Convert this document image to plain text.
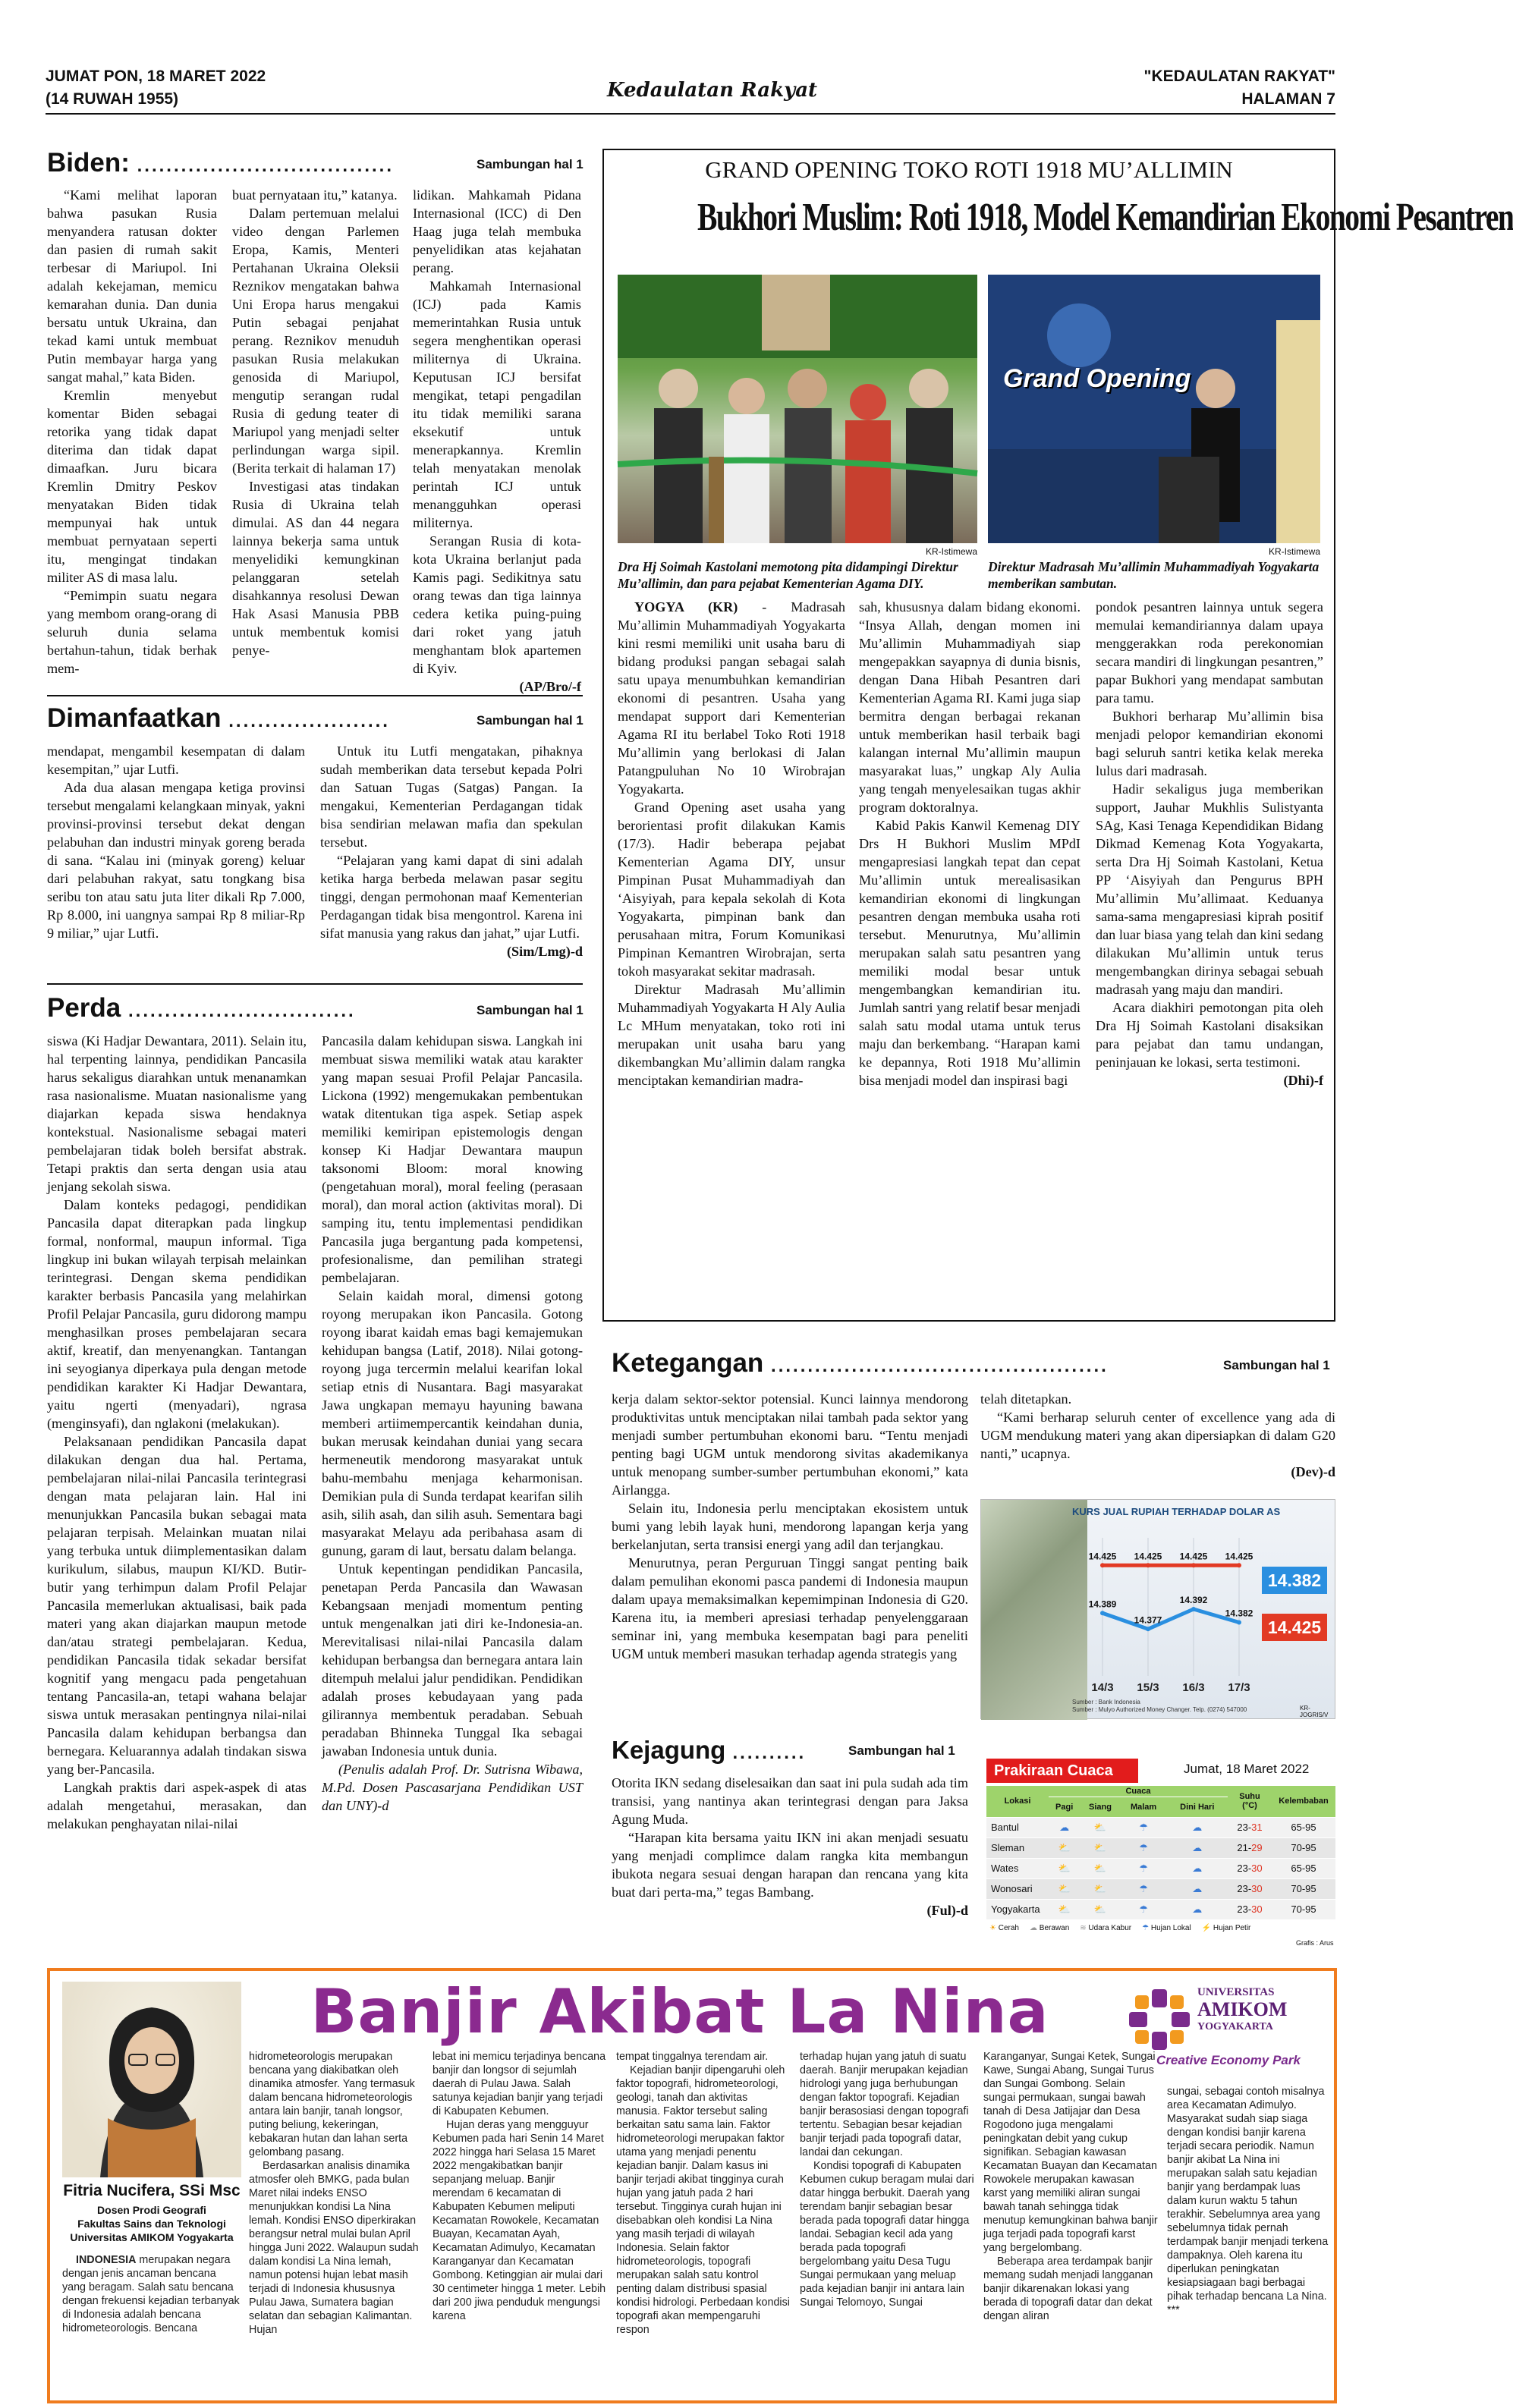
JUMAT PON, 18 MARET 2022
(14 RUWAH 1955)	Kedaulatan Rakyat
"KEDAULATAN RAKYAT"
HALAMAN 7
Biden: ...................................	Sambungan hal 1

“Kami melihat laporan bahwa pasukan Rusia menyandera ratusan dokter dan pasien di rumah sakit terbesar di Mariupol. Ini adalah kekejaman, memicu kemarahan dunia. Dan dunia bersatu untuk Ukraina, dan tekad kami untuk membuat Putin membayar harga yang sangat mahal,” kata Biden.

Kremlin menyebut komentar Biden sebagai retorika yang tidak dapat diterima dan tidak dapat dimaafkan. Juru bicara Kremlin Dmitry Peskov menyatakan Biden tidak mempunyai hak untuk membuat pernyataan seperti itu, mengingat tindakan militer AS di masa lalu.

“Pemimpin suatu negara yang membom orang-orang di seluruh dunia selama bertahun-tahun, tidak berhak mem-

buat pernyataan itu,” katanya.

Dalam pertemuan melalui video dengan Parlemen Eropa, Kamis, Menteri Pertahanan Ukraina Oleksii Reznikov mengatakan bahwa Uni Eropa harus mengakui Putin sebagai penjahat perang. Reznikov menuduh pasukan Rusia melakukan genosida di Mariupol, mengutip serangan rudal Rusia di gedung teater di Mariupol yang menjadi selter perlindungan warga sipil. (Berita terkait di halaman 17)

Investigasi atas tindakan Rusia di Ukraina telah dimulai. AS dan 44 negara lainnya bekerja sama untuk menyelidiki kemungkinan pelanggaran setelah disahkannya resolusi Dewan Hak Asasi Manusia PBB untuk membentuk komisi penye-

lidikan. Mahkamah Pidana Internasional (ICC) di Den Haag juga telah membuka penyelidikan atas kejahatan perang.

Mahkamah Internasional (ICJ) pada Kamis memerintahkan Rusia untuk segera menghentikan operasi militernya di Ukraina. Keputusan ICJ bersifat mengikat, tetapi pengadilan itu tidak memiliki sarana eksekutif untuk menerapkannya. Kremlin telah menyatakan menolak perintah ICJ untuk menangguhkan operasi militernya.

Serangan Rusia di kota-kota Ukraina berlanjut pada Kamis pagi. Sedikitnya satu orang tewas dan tiga lainnya cedera ketika puing-puing dari roket yang jatuh menghantam blok apartemen di Kyiv.

(AP/Bro/-f

Dimanfaatkan ......................	Sambungan hal 1

mendapat, mengambil kesempatan di dalam kesempitan,” ujar Lutfi.

Ada dua alasan mengapa ketiga provinsi tersebut mengalami kelangkaan minyak, yakni provinsi-provinsi tersebut dekat dengan pelabuhan dan industri minyak goreng berada di sana. “Kalau ini (minyak goreng) keluar dari pelabuhan rakyat, satu tongkang bisa seribu ton atau satu juta liter dikali Rp 7.000, Rp 8.000, ini uangnya sampai Rp 8 miliar-Rp 9 miliar,” ujar Lutfi.

Untuk itu Lutfi mengatakan, pihaknya sudah memberikan data tersebut kepada Polri dan Satuan Tugas (Satgas) Pangan. Ia mengakui, Kementerian Perdagangan tidak bisa sendirian melawan mafia dan spekulan tersebut.

“Pelajaran yang kami dapat di sini adalah ketika harga berbeda melawan pasar segitu tinggi, dengan permohonan maaf Kementerian Perdagangan tidak bisa mengontrol. Karena ini sifat manusia yang rakus dan jahat,” ujar Lutfi.

(Sim/Lmg)-d

Perda ...............................	Sambungan hal 1

siswa (Ki Hadjar Dewantara, 2011). Selain itu, hal terpenting lainnya, pendidikan Pancasila harus sekaligus diarahkan untuk menanamkan rasa nasionalisme. Muatan nasionalisme yang diajarkan kepada siswa hendaknya kontekstual. Nasionalisme sebagai materi pembelajaran tidak boleh bersifat abstrak. Tetapi praktis dan serta dengan usia atau jenjang sekolah siswa.

Dalam konteks pedagogi, pendidikan Pancasila dapat diterapkan pada lingkup formal, nonformal, maupun informal. Tiga lingkup ini bukan wilayah terpisah melainkan terintegrasi. Dengan skema pendidikan karakter berbasis Pancasila yang melahirkan Profil Pelajar Pancasila, guru didorong mampu menghasilkan proses pembelajaran secara aktif, kreatif, dan menyenangkan. Tantangan ini seyogianya diperkaya pula dengan metode pendidikan karakter Ki Hadjar Dewantara, yaitu ngerti (menyadari), ngrasa (menginsyafi), dan nglakoni (melakukan).

Pelaksanaan pendidikan Pancasila dapat dilakukan dengan dua hal. Pertama, pembelajaran nilai-nilai Pancasila terintegrasi dengan mata pelajaran lain. Hal ini menunjukkan Pancasila bukan sebagai mata pelajaran terpisah. Melainkan muatan nilai yang terbuka untuk diimplementasikan dalam kurikulum, silabus, maupun KI/KD. Butir-butir yang terhimpun dalam Profil Pelajar Pancasila memerlukan aktualisasi, baik pada materi yang akan diajarkan maupun metode dan/atau strategi pembelajaran. Kedua, pendidikan Pancasila tidak sekadar bersifat kognitif yang mengacu pada pengetahuan tentang Pancasila-an, tetapi wahana belajar siswa untuk merasakan pentingnya nilai-nilai Pancasila dalam kehidupan berbangsa dan bernegara. Keluarannya adalah tindakan siswa yang ber-Pancasila.

Langkah praktis dari aspek-aspek di atas adalah mengetahui, merasakan, dan melakukan penghayatan nilai-nilai

Pancasila dalam kehidupan siswa. Langkah ini membuat siswa memiliki watak atau karakter yang mapan sesuai Profil Pelajar Pancasila. Lickona (1992) mengemukakan pembentukan watak ditentukan tiga aspek. Setiap aspek memiliki kemiripan epistemologis dengan konsep Ki Hadjar Dewantara maupun taksonomi Bloom: moral knowing (pengetahuan moral), moral feeling (perasaan moral), dan moral action (aktivitas moral). Di samping itu, tentu implementasi pendidikan Pancasila juga bergantung pada kompetensi, profesionalisme, dan pemilihan strategi pembelajaran.

Selain kaidah moral, dimensi gotong royong merupakan ikon Pancasila. Gotong royong ibarat kaidah emas bagi kemajemukan kehidupan bangsa (Latif, 2018). Nilai gotong-royong juga tercermin melalui kearifan lokal setiap etnis di Nusantara. Bagi masyarakat Jawa ungkapan memayu hayuning bawana memberi artiimempercantik keindahan dunia, bukan merusak keindahan duniai yang secara hermeneutik mendorong masyarakat untuk bahu-membahu menjaga keharmonisan. Demikian pula di Sunda terdapat kearifan silih asih, silih asah, dan silih asuh. Sementara bagi masyarakat Melayu ada peribahasa asam di gunung, garam di laut, bersatu dalam belanga.

Untuk kepentingan pendidikan Pancasila, penetapan Perda Pancasila dan Wawasan Kebangsaan menjadi momentum penting untuk mengenalkan jati diri ke-Indonesia-an. Merevitalisasi nilai-nilai Pancasila dalam kehidupan berbangsa dan bernegara antara lain ditempuh melalui jalur pendidikan. Pendidikan adalah proses kebudayaan yang pada gilirannya membentuk peradaban. Sebuah peradaban Bhinneka Tunggal Ika sebagai jawaban Indonesia untuk dunia.

(Penulis adalah Prof. Dr. Sutrisna Wibawa, M.Pd. Dosen Pascasarjana Pendidikan UST dan UNY)-d

GRAND OPENING TOKO ROTI 1918 MU’ALLIMIN
Bukhori Muslim: Roti 1918, Model Kemandirian Ekonomi Pesantren
KR-Istimewa
Dra Hj Soimah Kastolani memotong pita didampingi Direktur Mu’allimin, dan para pejabat Kementerian Agama DIY.
Grand Opening
KR-Istimewa
Direktur Madrasah Mu’allimin Muhammadiyah Yogyakarta memberikan sambutan.

YOGYA (KR) - Madrasah Mu’allimin Muhammadiyah Yogyakarta kini resmi memiliki unit usaha baru di bidang produksi pangan sebagai salah satu upaya menumbuhkan kemandirian ekonomi di pesantren. Usaha yang mendapat support dari Kementerian Agama RI itu berlabel Toko Roti 1918 Mu’allimin yang berlokasi di Jalan Patangpuluhan No 10 Wirobrajan Yogyakarta.

Grand Opening aset usaha yang berorientasi profit dilakukan Kamis (17/3). Hadir beberapa pejabat Kementerian Agama DIY, unsur Pimpinan Pusat Muhammadiyah dan ‘Aisyiyah, para kepala sekolah di Kota Yogyakarta, pimpinan bank dan perusahaan mitra, Forum Komunikasi Pimpinan Kemantren Wirobrajan, serta tokoh masyarakat sekitar madrasah.

Direktur Madrasah Mu’allimin Muhammadiyah Yogyakarta H Aly Aulia Lc MHum menyatakan, toko roti ini merupakan unit usaha baru yang dikembangkan Mu’allimin dalam rangka menciptakan kemandirian madra-

sah, khususnya dalam bidang ekonomi. “Insya Allah, dengan momen ini Mu’allimin Muhammadiyah siap mengepakkan sayapnya di dunia bisnis, dengan Dana Hibah Pesantren dari Kementerian Agama RI. Kami juga siap bermitra dengan berbagai rekanan untuk memberikan hasil terbaik bagi kalangan internal Mu’allimin maupun masyarakat luas,” ungkap Aly Aulia yang tengah menyelesaikan tugas akhir program doktoralnya.

Kabid Pakis Kanwil Kemenag DIY Drs H Bukhori Muslim MPdI mengapresiasi langkah tepat dan cepat Mu’allimin untuk merealisasikan kemandirian ekonomi di lingkungan pesantren dengan membuka usaha roti tersebut. Menurutnya, Mu’allimin merupakan salah satu pesantren yang memiliki modal besar untuk mengembangkan kemandirian itu. Jumlah santri yang relatif besar menjadi salah satu modal utama untuk terus maju dan berkembang. “Harapan kami ke depannya, Roti 1918 Mu’allimin bisa menjadi model dan inspirasi bagi

pondok pesantren lainnya untuk segera memulai kemandiriannya dalam upaya menggerakkan roda perekonomian secara mandiri di lingkungan pesantren,” papar Bukhori yang mendapat sambutan para tamu.

Bukhori berharap Mu’allimin bisa menjadi pelopor kemandirian ekonomi bagi seluruh santri ketika kelak mereka lulus dari madrasah.

Hadir sekaligus juga memberikan support, Jauhar Mukhlis Sulistyanta SAg, Kasi Tenaga Kependidikan Bidang Dikmad Kemenag Kota Yogyakarta, serta Dra Hj Soimah Kastolani, Ketua PP ‘Aisyiyah dan Pengurus BPH Mu’allimin Mu’allimaat. Keduanya sama-sama mengapresiasi kiprah positif dan luar biasa yang telah dan kini sedang dilakukan Mu’allimin untuk terus mengembangkan dirinya sebagai sebuah madrasah yang maju dan mandiri.

Acara diakhiri pemotongan pita oleh Dra Hj Soimah Kastolani disaksikan para pejabat dan tamu undangan, peninjauan ke lokasi, serta testimoni.

(Dhi)-f

Ketegangan ..............................................	Sambungan hal 1

kerja dalam sektor-sektor potensial. Kunci lainnya mendorong produktivitas untuk menciptakan nilai tambah pada sektor yang menjadi sumber pertumbuhan ekonomi baru. “Tentu menjadi penting bagi UGM untuk mendorong sivitas akademikanya untuk menopang sumber-sumber pertumbuhan ekonomi,” kata Airlangga.

Selain itu, Indonesia perlu menciptakan ekosistem untuk bumi yang lebih layak huni, mendorong lapangan kerja yang berkelanjutan, serta transisi energi yang adil dan terjangkau.

Menurutnya, peran Perguruan Tinggi sangat penting baik dalam pemulihan ekonomi pasca pandemi di Indonesia maupun dalam upaya memaksimalkan kepemimpinan Indonesia di G20. Karena itu, ia memberi apresiasi terhadap penyelenggaraan seminar ini, yang membuka kesempatan bagi para peneliti UGM untuk memberi masukan terhadap agenda strategis yang

telah ditetapkan.

“Kami berharap seluruh center of excellence yang ada di UGM mendukung materi yang akan dipersiapkan di dalam G20 nanti,” ucapnya.

(Dev)-d

KURS JUAL RUPIAH TERHADAP DOLAR AS
14/3 15/3 16/3 17/3
14.389
14.377
14.392
14.382
14.425 14.425 14.425 14.425
14.382
14.425
Sumber : Bank Indonesia
Sumber : Mulyo Authorized Money Changer. Telp. (0274) 547000	KR-JOGRIS/V
Kejagung ..........	Sambungan hal 1

Otorita IKN sedang diselesaikan dan saat ini pula sudah ada tim transisi, yang nantinya akan terintegrasi dengan para Jaksa Agung Muda.

“Harapan kita bersama yaitu IKN ini akan menjadi sesuatu yang menjadi complimce dalam rangka kita membangun ibukota negara sesuai dengan harapan dan rencana yang kita buat dari perta-ma,” tegas Bambang.

(Ful)-d

Prakiraan Cuaca	Jumat, 18 Maret 2022
Lokasi	Cuaca				Suhu
(°C)	Kelembaban
	Pagi	Siang	Malam	Dini Hari		
Bantul	☁	⛅	☂	☁	23-31	65-95
Sleman	⛅	⛅	☂	☁	21-29	70-95
Wates	⛅	⛅	☂	☁	23-30	65-95
Wonosari	⛅	⛅	☂	☁	23-30	70-95
Yogyakarta	⛅	⛅	☂	☁	23-30	70-95
☀ Cerah ☁ Berawan ≋ Udara Kabur ☂ Hujan Lokal ⚡ Hujan Petir
Grafis : Arus
Fitria Nucifera, SSi Msc
Dosen Prodi Geografi
Fakultas Sains dan Teknologi
Universitas AMIKOM Yogyakarta

INDONESIA merupakan negara dengan jenis ancaman bencana yang beragam. Salah satu bencana dengan frekuensi kejadian terbanyak di Indonesia adalah bencana hidrometeorologis. Bencana

Banjir Akibat La Nina	UNIVERSITAS
AMIKOM
YOGYAKARTA
Creative Economy Park

hidrometeorologis merupakan bencana yang diakibatkan oleh dinamika atmosfer. Yang termasuk dalam bencana hidrometeorologis antara lain banjir, tanah longsor, puting beliung, kekeringan, kebakaran hutan dan lahan serta gelombang pasang.

Berdasarkan analisis dinamika atmosfer oleh BMKG, pada bulan Maret nilai indeks ENSO menunjukkan kondisi La Nina lemah. Kondisi ENSO diperkirakan berangsur netral mulai bulan April hingga Juni 2022. Walaupun sudah dalam kondisi La Nina lemah, namun potensi hujan lebat masih terjadi di Indonesia khususnya Pulau Jawa, Sumatera bagian selatan dan sebagian Kalimantan. Hujan

lebat ini memicu terjadinya bencana banjir dan longsor di sejumlah daerah di Pulau Jawa. Salah satunya kejadian banjir yang terjadi di Kabupaten Kebumen.

Hujan deras yang mengguyur Kebumen pada hari Senin 14 Maret 2022 hingga hari Selasa 15 Maret 2022 mengakibatkan banjir sepanjang meluap. Banjir merendam 6 kecamatan di Kabupaten Kebumen meliputi Kecamatan Rowokele, Kecamatan Buayan, Kecamatan Ayah, Kecamatan Adimulyo, Kecamatan Karanganyar dan Kecamatan Gombong. Ketinggian air mulai dari 30 centimeter hingga 1 meter. Lebih dari 200 jiwa penduduk mengungsi karena

tempat tinggalnya terendam air.

Kejadian banjir dipengaruhi oleh faktor topografi, hidrometeorologi, geologi, tanah dan aktivitas manusia. Faktor tersebut saling berkaitan satu sama lain. Faktor hidrometeorologi merupakan faktor utama yang menjadi penentu kejadian banjir. Dalam kasus ini banjir terjadi akibat tingginya curah hujan yang jatuh pada 2 hari tersebut. Tingginya curah hujan ini disebabkan oleh kondisi La Nina yang masih terjadi di wilayah Indonesia. Selain faktor hidrometeorologis, topografi merupakan salah satu kontrol penting dalam distribusi spasial kondisi hidrologi. Perbedaan kondisi topografi akan mempengaruhi respon

terhadap hujan yang jatuh di suatu daerah. Banjir merupakan kejadian hidrologi yang juga berhubungan dengan faktor topografi. Kejadian banjir berasosiasi dengan topografi tertentu. Sebagian besar kejadian banjir terjadi pada topografi datar, landai dan cekungan.

Kondisi topografi di Kabupaten Kebumen cukup beragam mulai dari datar hingga berbukit. Daerah yang terendam banjir sebagian besar berada pada topografi datar hingga landai. Sebagian kecil ada yang berada pada topografi bergelombang yaitu Desa Tugu Sungai permukaan yang meluap pada kejadian banjir ini antara lain Sungai Telomoyo, Sungai

Karanganyar, Sungai Ketek, Sungai Kawe, Sungai Abang, Sungai Turus dan Sungai Gombong. Selain sungai permukaan, sungai bawah tanah di Desa Jatijajar dan Desa Rogodono juga mengalami peningkatan debit yang cukup signifikan. Sebagian kawasan Kecamatan Buayan dan Kecamatan Rowokele merupakan kawasan karst yang memiliki aliran sungai bawah tanah sehingga tidak menutup kemungkinan bahwa banjir juga terjadi pada topografi karst yang bergelombang.

Beberapa area terdampak banjir memang sudah menjadi langganan banjir dikarenakan lokasi yang berada di topografi datar dan dekat dengan aliran

sungai, sebagai contoh misalnya area Kecamatan Adimulyo. Masyarakat sudah siap siaga dengan kondisi banjir karena terjadi secara periodik. Namun banjir akibat La Nina ini merupakan salah satu kejadian banjir yang berdampak luas dalam kurun waktu 5 tahun terakhir. Sebelumnya area yang sebelumnya tidak pernah terdampak banjir menjadi terkena dampaknya. Oleh karena itu diperlukan peningkatan kesiapsiagaan bagi berbagai pihak terhadap bencana La Nina. ***
